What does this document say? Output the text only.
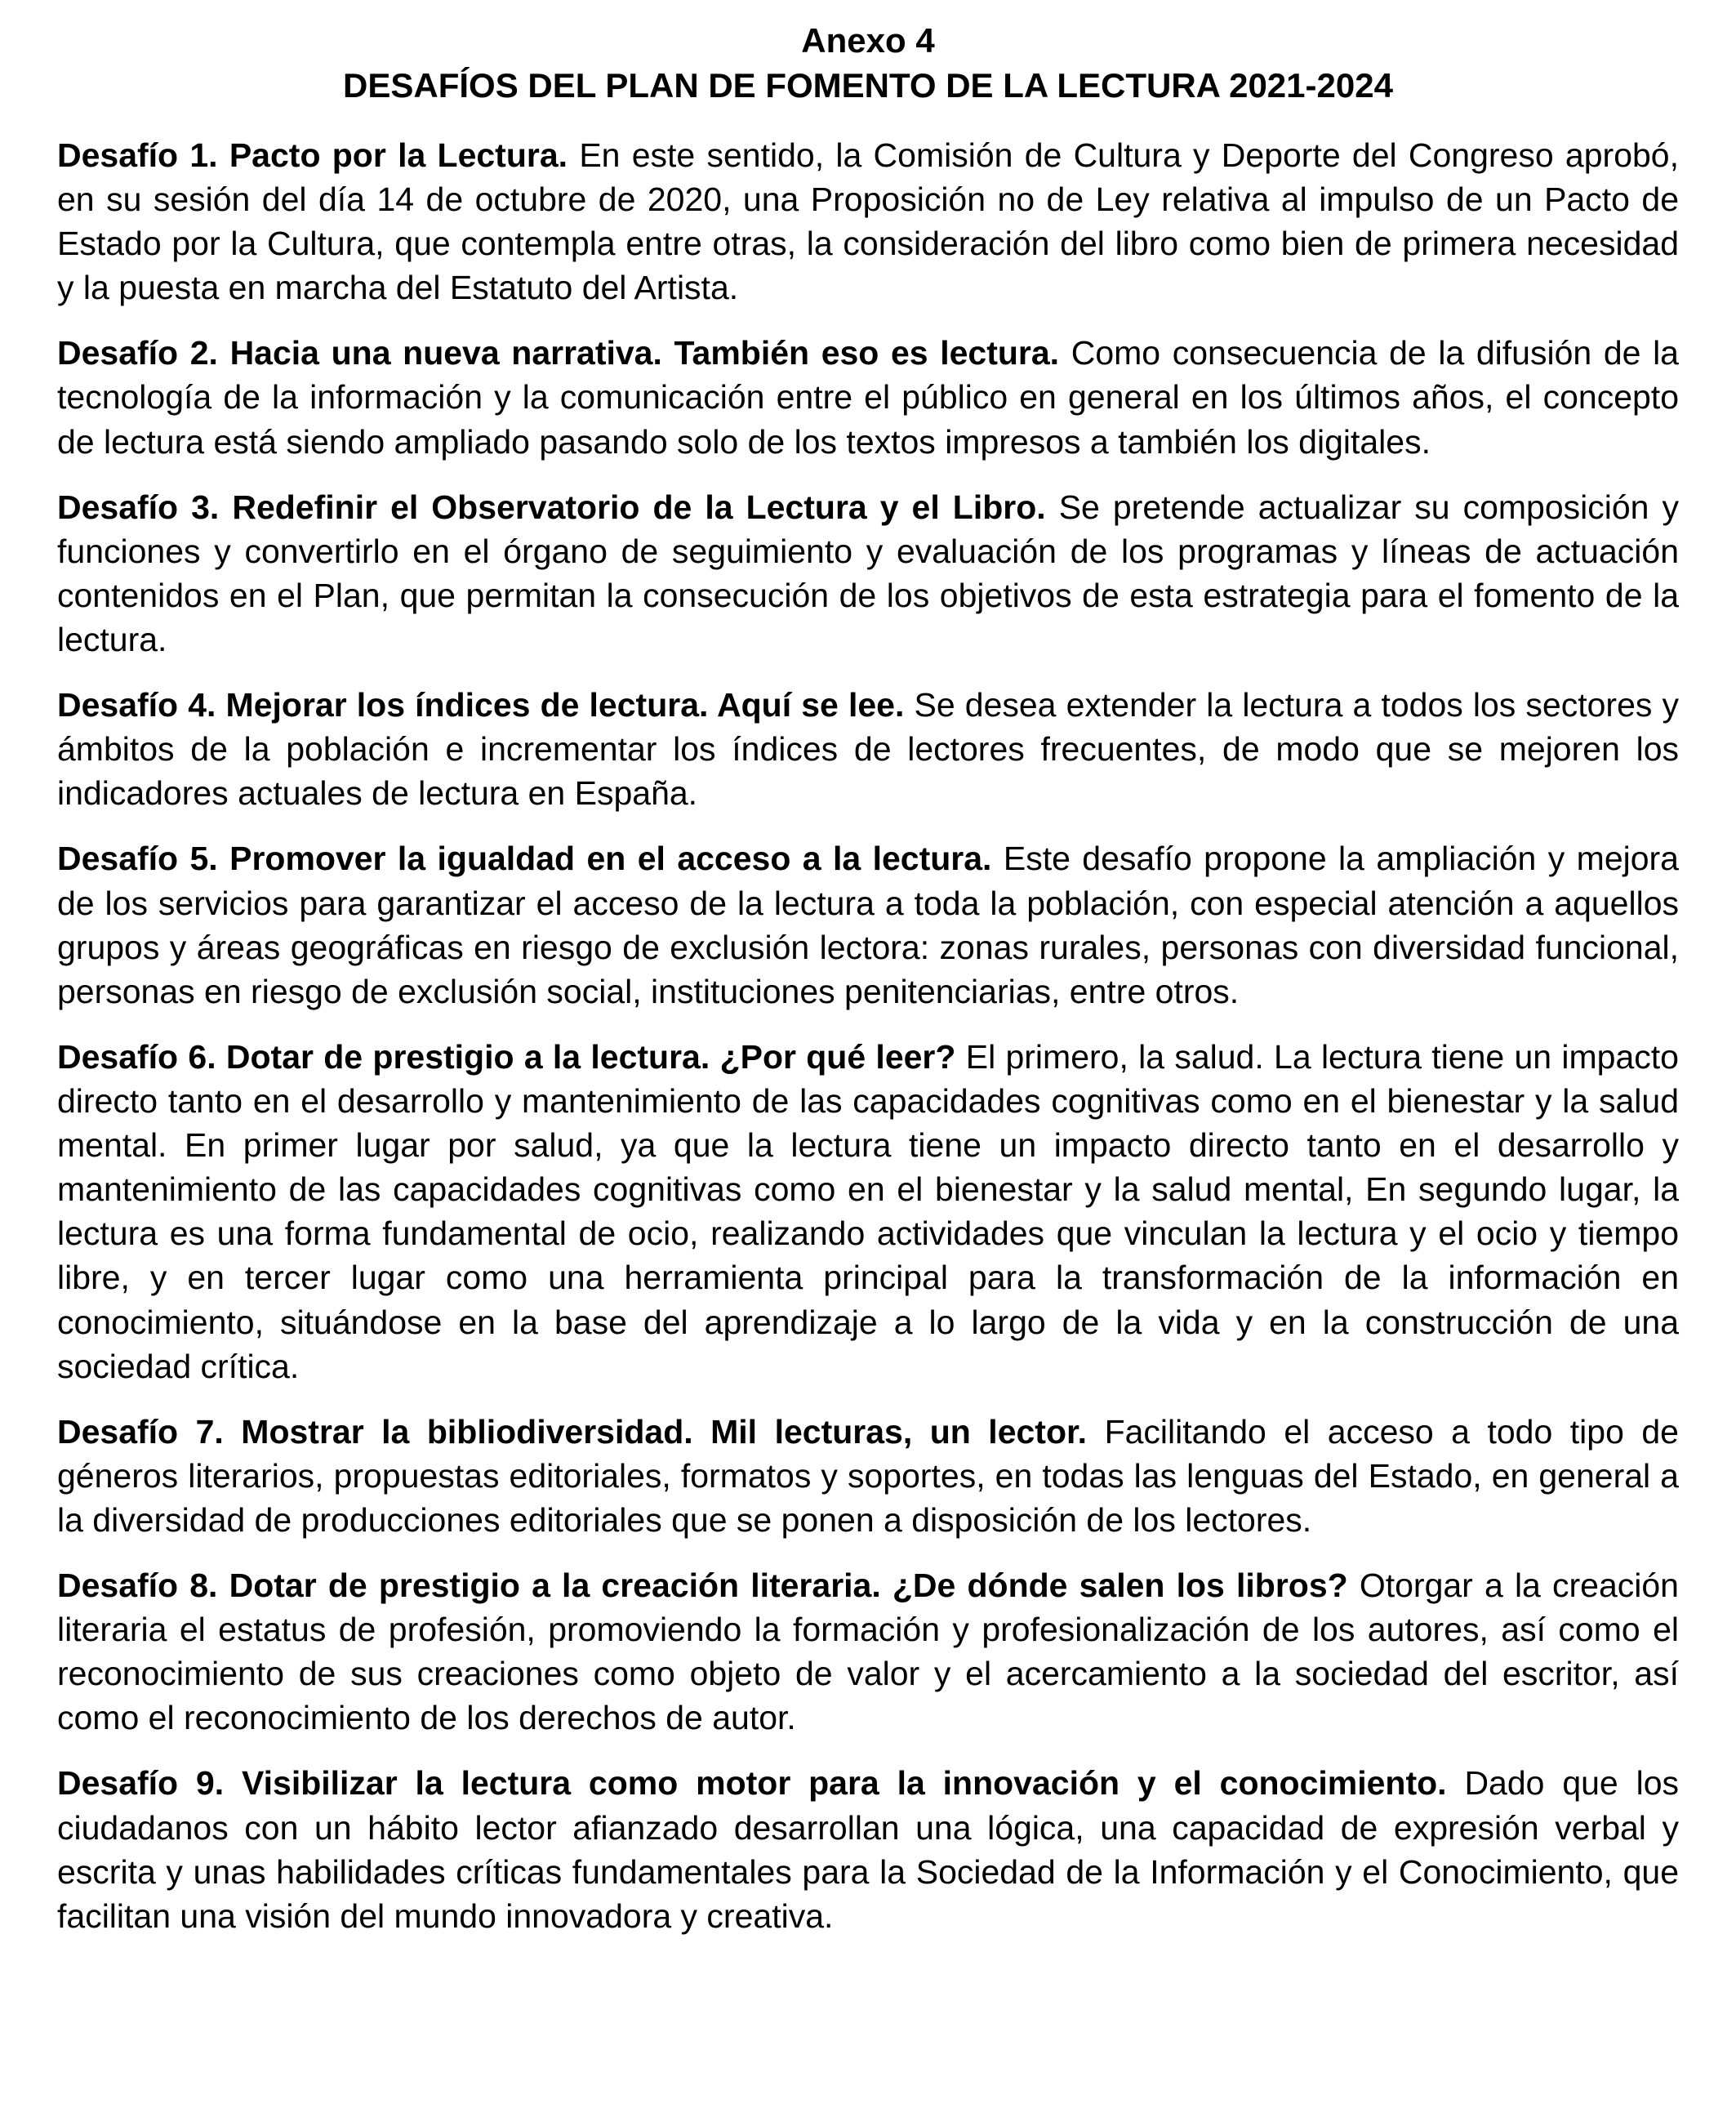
Anexo 4
DESAFÍOS DEL PLAN DE FOMENTO DE LA LECTURA 2021-2024

Desafío 1. Pacto por la Lectura. En este sentido, la Comisión de Cultura y Deporte del Congreso aprobó, en su sesión del día 14 de octubre de 2020, una Proposición no de Ley relativa al impulso de un Pacto de Estado por la Cultura, que contempla entre otras, la consideración del libro como bien de primera necesidad y la puesta en marcha del Estatuto del Artista.

Desafío 2. Hacia una nueva narrativa. También eso es lectura. Como consecuencia de la difusión de la tecnología de la información y la comunicación entre el público en general en los últimos años, el concepto de lectura está siendo ampliado pasando solo de los textos impresos a también los digitales.

Desafío 3. Redefinir el Observatorio de la Lectura y el Libro. Se pretende actualizar su composición y funciones y convertirlo en el órgano de seguimiento y evaluación de los programas y líneas de actuación contenidos en el Plan, que permitan la consecución de los objetivos de esta estrategia para el fomento de la lectura.

Desafío 4. Mejorar los índices de lectura. Aquí se lee. Se desea extender la lectura a todos los sectores y ámbitos de la población e incrementar los índices de lectores frecuentes, de modo que se mejoren los indicadores actuales de lectura en España.

Desafío 5. Promover la igualdad en el acceso a la lectura. Este desafío propone la ampliación y mejora de los servicios para garantizar el acceso de la lectura a toda la población, con especial atención a aquellos grupos y áreas geográficas en riesgo de exclusión lectora: zonas rurales, personas con diversidad funcional, personas en riesgo de exclusión social, instituciones penitenciarias, entre otros.

Desafío 6. Dotar de prestigio a la lectura. ¿Por qué leer? El primero, la salud. La lectura tiene un impacto directo tanto en el desarrollo y mantenimiento de las capacidades cognitivas como en el bienestar y la salud mental. En primer lugar por salud, ya que la lectura tiene un impacto directo tanto en el desarrollo y mantenimiento de las capacidades cognitivas como en el bienestar y la salud mental, En segundo lugar, la lectura es una forma fundamental de ocio, realizando actividades que vinculan la lectura y el ocio y tiempo libre, y en tercer lugar como una herramienta principal para la transformación de la información en conocimiento, situándose en la base del aprendizaje a lo largo de la vida y en la construcción de una sociedad crítica.

Desafío 7. Mostrar la bibliodiversidad. Mil lecturas, un lector. Facilitando el acceso a todo tipo de géneros literarios, propuestas editoriales, formatos y soportes, en todas las lenguas del Estado, en general a la diversidad de producciones editoriales que se ponen a disposición de los lectores.

Desafío 8. Dotar de prestigio a la creación literaria. ¿De dónde salen los libros? Otorgar a la creación literaria el estatus de profesión, promoviendo la formación y profesionalización de los autores, así como el reconocimiento de sus creaciones como objeto de valor y el acercamiento a la sociedad del escritor, así como el reconocimiento de los derechos de autor.

Desafío 9. Visibilizar la lectura como motor para la innovación y el conocimiento. Dado que los ciudadanos con un hábito lector afianzado desarrollan una lógica, una capacidad de expresión verbal y escrita y unas habilidades críticas fundamentales para la Sociedad de la Información y el Conocimiento, que facilitan una visión del mundo innovadora y creativa.
